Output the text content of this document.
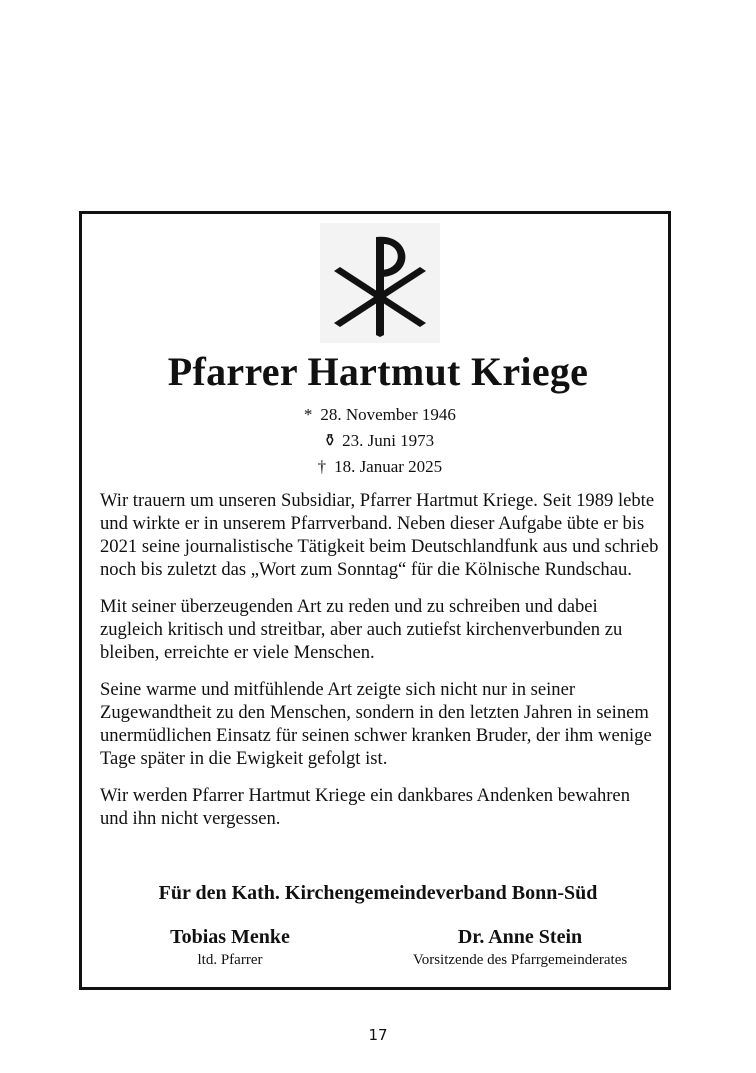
Pfarrer Hartmut Kriege
* 28. November 1946
⚱ 23. Juni 1973
† 18. Januar 2025

Wir trauern um unseren Subsidiar, Pfarrer Hartmut Kriege. Seit 1989 lebte und wirkte er in unserem Pfarrverband. Neben dieser Aufgabe übte er bis 2021 seine journalistische Tätigkeit beim Deutschlandfunk aus und schrieb noch bis zuletzt das „Wort zum Sonntag“ für die Kölnische Rundschau.

Mit seiner überzeugenden Art zu reden und zu schreiben und dabei zugleich kritisch und streitbar, aber auch zutiefst kirchenverbunden zu bleiben, erreichte er viele Menschen.

Seine warme und mitfühlende Art zeigte sich nicht nur in seiner Zugewandtheit zu den Menschen, sondern in den letzten Jahren in seinem unermüdlichen Einsatz für seinen schwer kranken Bruder, der ihm wenige Tage später in die Ewigkeit gefolgt ist.

Wir werden Pfarrer Hartmut Kriege ein dankbares Andenken bewahren und ihn nicht vergessen.

Für den Kath. Kirchengemeindeverband Bonn-Süd
Tobias Menke
ltd. Pfarrer
Dr. Anne Stein
Vorsitzende des Pfarrgemeinderates
17
